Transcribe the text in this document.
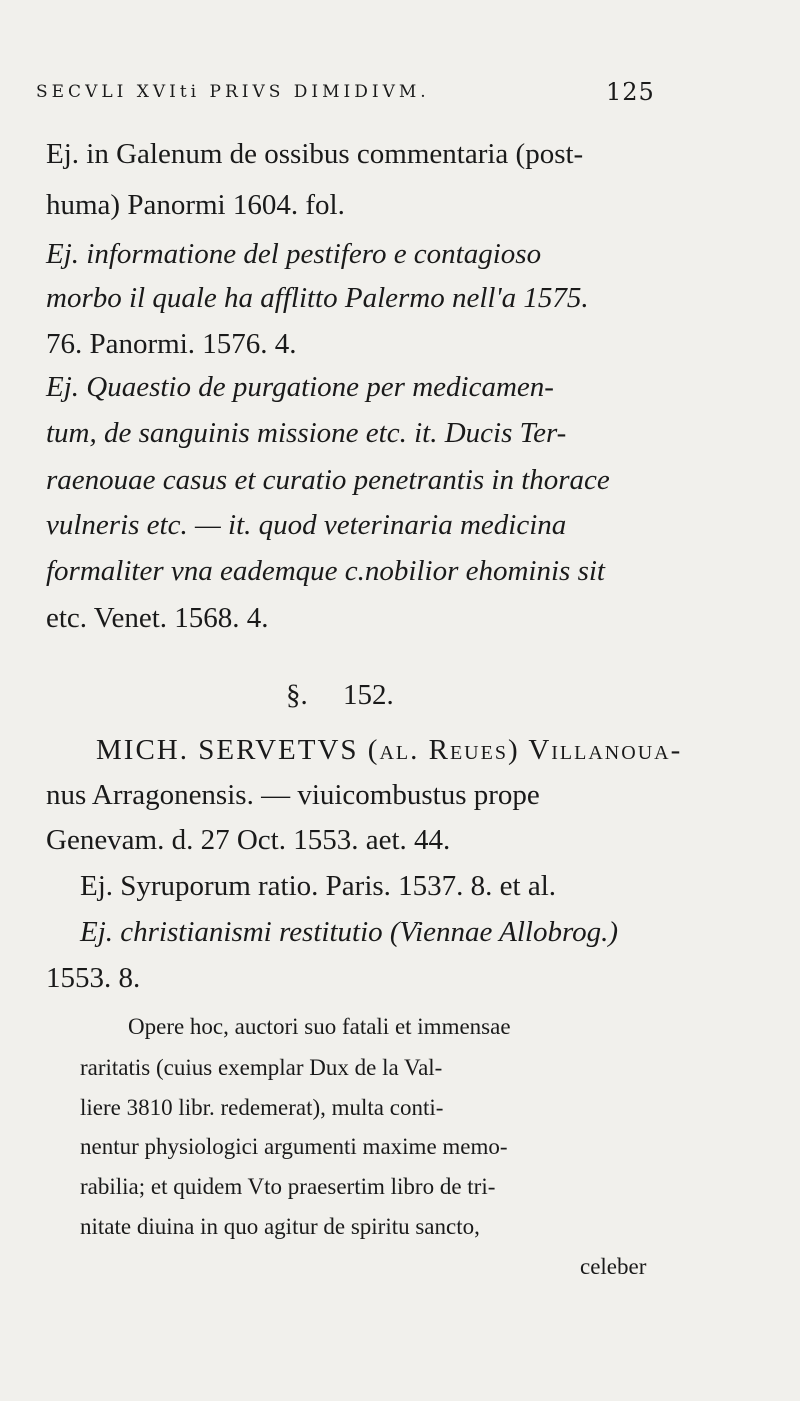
SECVLI XVIti PRIVS DIMIDIVM.	125
Ej. in Galenum de ossibus commentaria (post-
huma) Panormi 1604. fol.
Ej. informatione del pestifero e contagioso
morbo il quale ha afflitto Palermo nell'a 1575.
76. Panormi. 1576. 4.
Ej. Quaestio de purgatione per medicamen-
tum, de sanguinis missione etc. it. Ducis Ter-
raenouae casus et curatio penetrantis in thorace
vulneris etc. — it. quod veterinaria medicina
formaliter vna eademque c.nobilior ehominis sit
etc. Venet. 1568. 4.
§. 152.
MICH. SERVETVS (al. Reues) Villanoua-
nus Arragonensis. — viuicombustus prope
Genevam. d. 27 Oct. 1553. aet. 44.
Ej. Syruporum ratio. Paris. 1537. 8. et al.
Ej. christianismi restitutio (Viennae Allobrog.)
1553. 8.
Opere hoc, auctori suo fatali et immensae
raritatis (cuius exemplar Dux de la Val-
liere 3810 libr. redemerat), multa conti-
nentur physiologici argumenti maxime memo-
rabilia; et quidem Vto praesertim libro de tri-
nitate diuina in quo agitur de spiritu sancto,
celeber
